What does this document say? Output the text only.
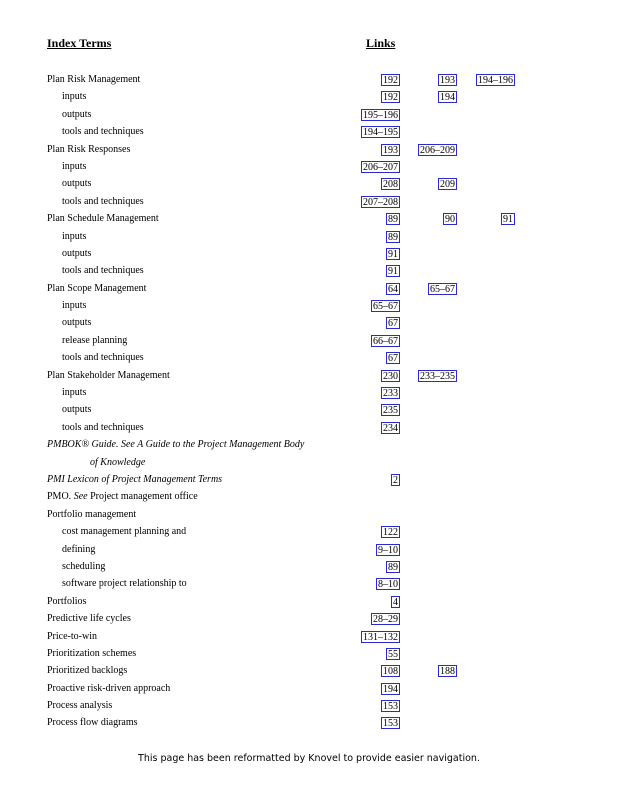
Index Terms	Links
Plan Risk Management	192	193 194–196
inputs	192	194
outputs	195–196
tools and techniques	194–195
Plan Risk Responses	193 206–209
inputs	206–207
outputs	208	209
tools and techniques	207–208
Plan Schedule Management	89	90	91
inputs	89
outputs	91
tools and techniques	91
Plan Scope Management	64	65–67
inputs	65–67
outputs	67
release planning	66–67
tools and techniques	67
Plan Stakeholder Management	230 233–235
inputs	233
outputs	235
tools and techniques	234
PMBOK® Guide. See A Guide to the Project Management Body
of Knowledge
PMI Lexicon of Project Management Terms	2
PMO. See Project management office
Portfolio management
cost management planning and	122
defining	9–10
scheduling	89
software project relationship to	8–10
Portfolios	4
Predictive life cycles	28–29
Price-to-win	131–132
Prioritization schemes	55
Prioritized backlogs	108	188
Proactive risk-driven approach	194
Process analysis	153
Process flow diagrams	153
This page has been reformatted by Knovel to provide easier navigation.
